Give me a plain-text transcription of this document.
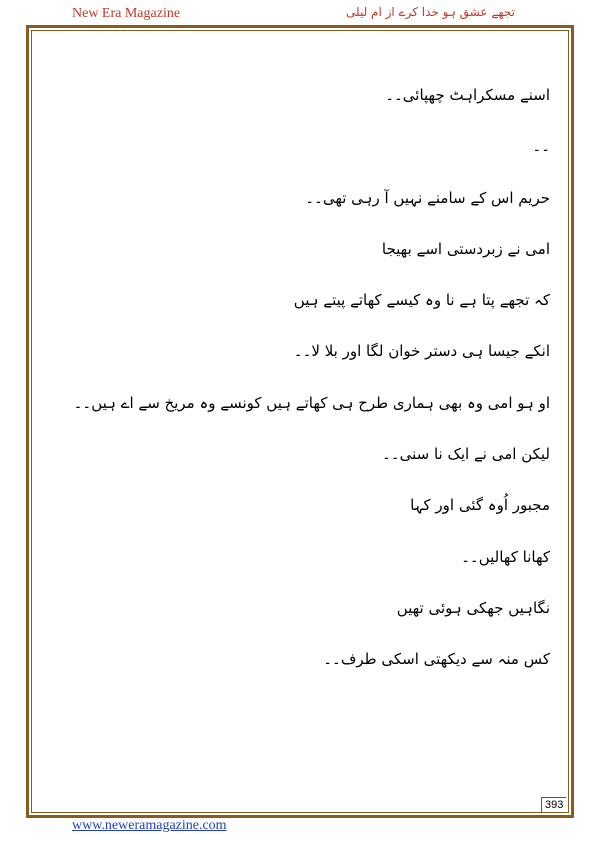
New Era Magazine	تجھے عشق ہو خدا کرے از ام لیلی
اسنے مسکراہٹ چھپائی۔۔
۔۔
حریم اس کے سامنے نہیں آ رہی تھی۔۔
امی نے زبردستی اسے بھیجا
کہ تجھے پتا ہے نا وہ کیسے کھاتے پیتے ہیں
انکے جیسا ہی دستر خوان لگا اور بلا لا۔۔
او ہو امی وہ بھی ہماری طرح ہی کھاتے ہیں کونسے وہ مریخ سے اے ہیں۔۔
لیکن امی نے ایک نا سنی۔۔
مجبور اُوہ گئی اور کہا
کھانا کھالیں۔۔
نگاہیں جھکی ہوئی تھیں
کس منہ سے دیکھتی اسکی طرف۔۔
393
www.neweramagazine.com
